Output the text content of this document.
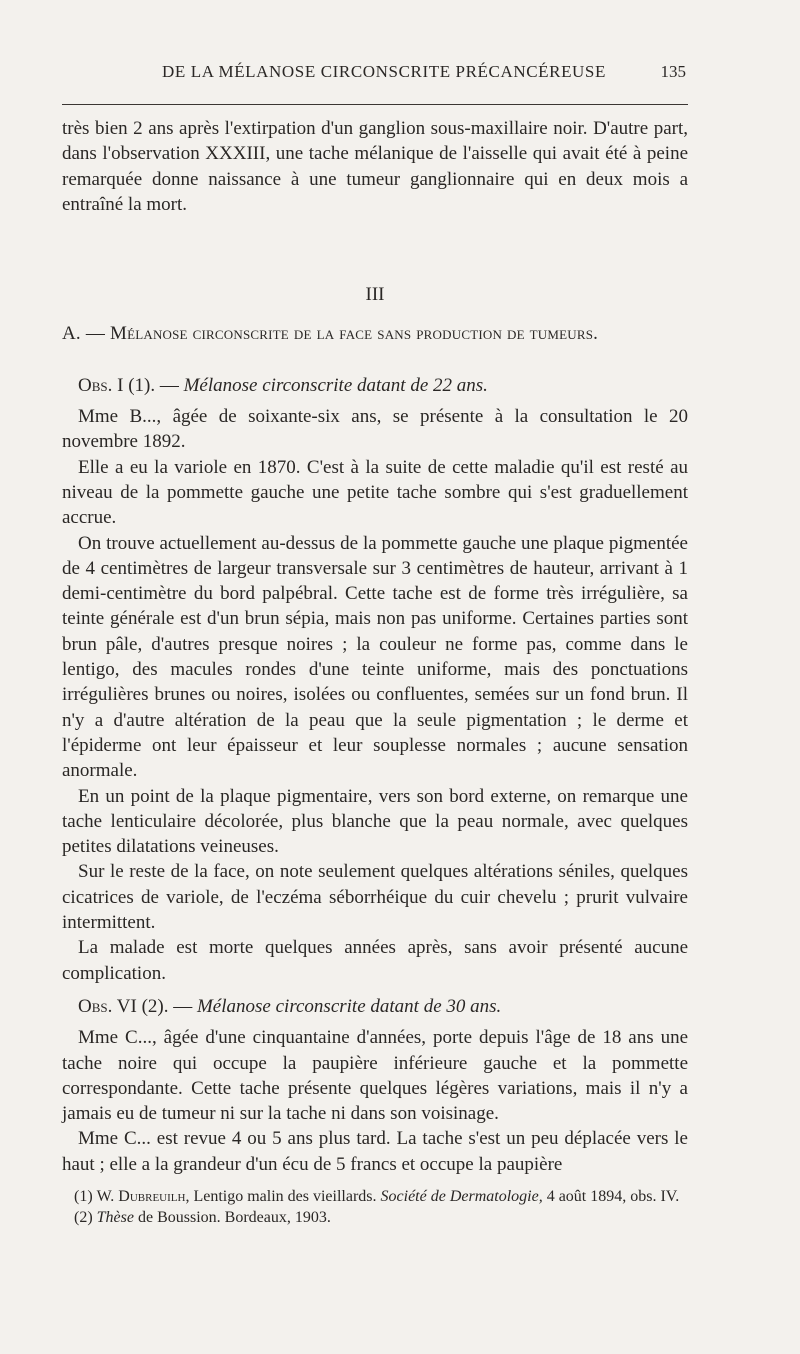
DE LA MÉLANOSE CIRCONSCRITE PRÉCANCÉREUSE	135

très bien 2 ans après l'extirpation d'un ganglion sous-maxillaire noir. D'autre part, dans l'observation XXXIII, une tache mélanique de l'aisselle qui avait été à peine remarquée donne naissance à une tumeur ganglionnaire qui en deux mois a entraîné la mort.

III

A. — Mélanose circonscrite de la face sans production de tumeurs.

Obs. I (1). — Mélanose circonscrite datant de 22 ans.

Mme B..., âgée de soixante-six ans, se présente à la consultation le 20 novembre 1892.

Elle a eu la variole en 1870. C'est à la suite de cette maladie qu'il est resté au niveau de la pommette gauche une petite tache sombre qui s'est graduellement accrue.

On trouve actuellement au-dessus de la pommette gauche une plaque pigmentée de 4 centimètres de largeur transversale sur 3 centimètres de hauteur, arrivant à 1 demi-centimètre du bord palpébral. Cette tache est de forme très irrégulière, sa teinte générale est d'un brun sépia, mais non pas uniforme. Certaines parties sont brun pâle, d'autres presque noires ; la couleur ne forme pas, comme dans le lentigo, des macules rondes d'une teinte uniforme, mais des ponctuations irrégulières brunes ou noires, isolées ou confluentes, semées sur un fond brun. Il n'y a d'autre altération de la peau que la seule pigmentation ; le derme et l'épiderme ont leur épaisseur et leur souplesse normales ; aucune sensation anormale.

En un point de la plaque pigmentaire, vers son bord externe, on remarque une tache lenticulaire décolorée, plus blanche que la peau normale, avec quelques petites dilatations veineuses.

Sur le reste de la face, on note seulement quelques altérations séniles, quelques cicatrices de variole, de l'eczéma séborrhéique du cuir chevelu ; prurit vulvaire intermittent.

La malade est morte quelques années après, sans avoir présenté aucune complication.

Obs. VI (2). — Mélanose circonscrite datant de 30 ans.

Mme C..., âgée d'une cinquantaine d'années, porte depuis l'âge de 18 ans une tache noire qui occupe la paupière inférieure gauche et la pommette correspondante. Cette tache présente quelques légères variations, mais il n'y a jamais eu de tumeur ni sur la tache ni dans son voisinage.

Mme C... est revue 4 ou 5 ans plus tard. La tache s'est un peu déplacée vers le haut ; elle a la grandeur d'un écu de 5 francs et occupe la paupière

(1) W. Dubreuilh, Lentigo malin des vieillards. Société de Dermatologie, 4 août 1894, obs. IV.

(2) Thèse de Boussion. Bordeaux, 1903.
